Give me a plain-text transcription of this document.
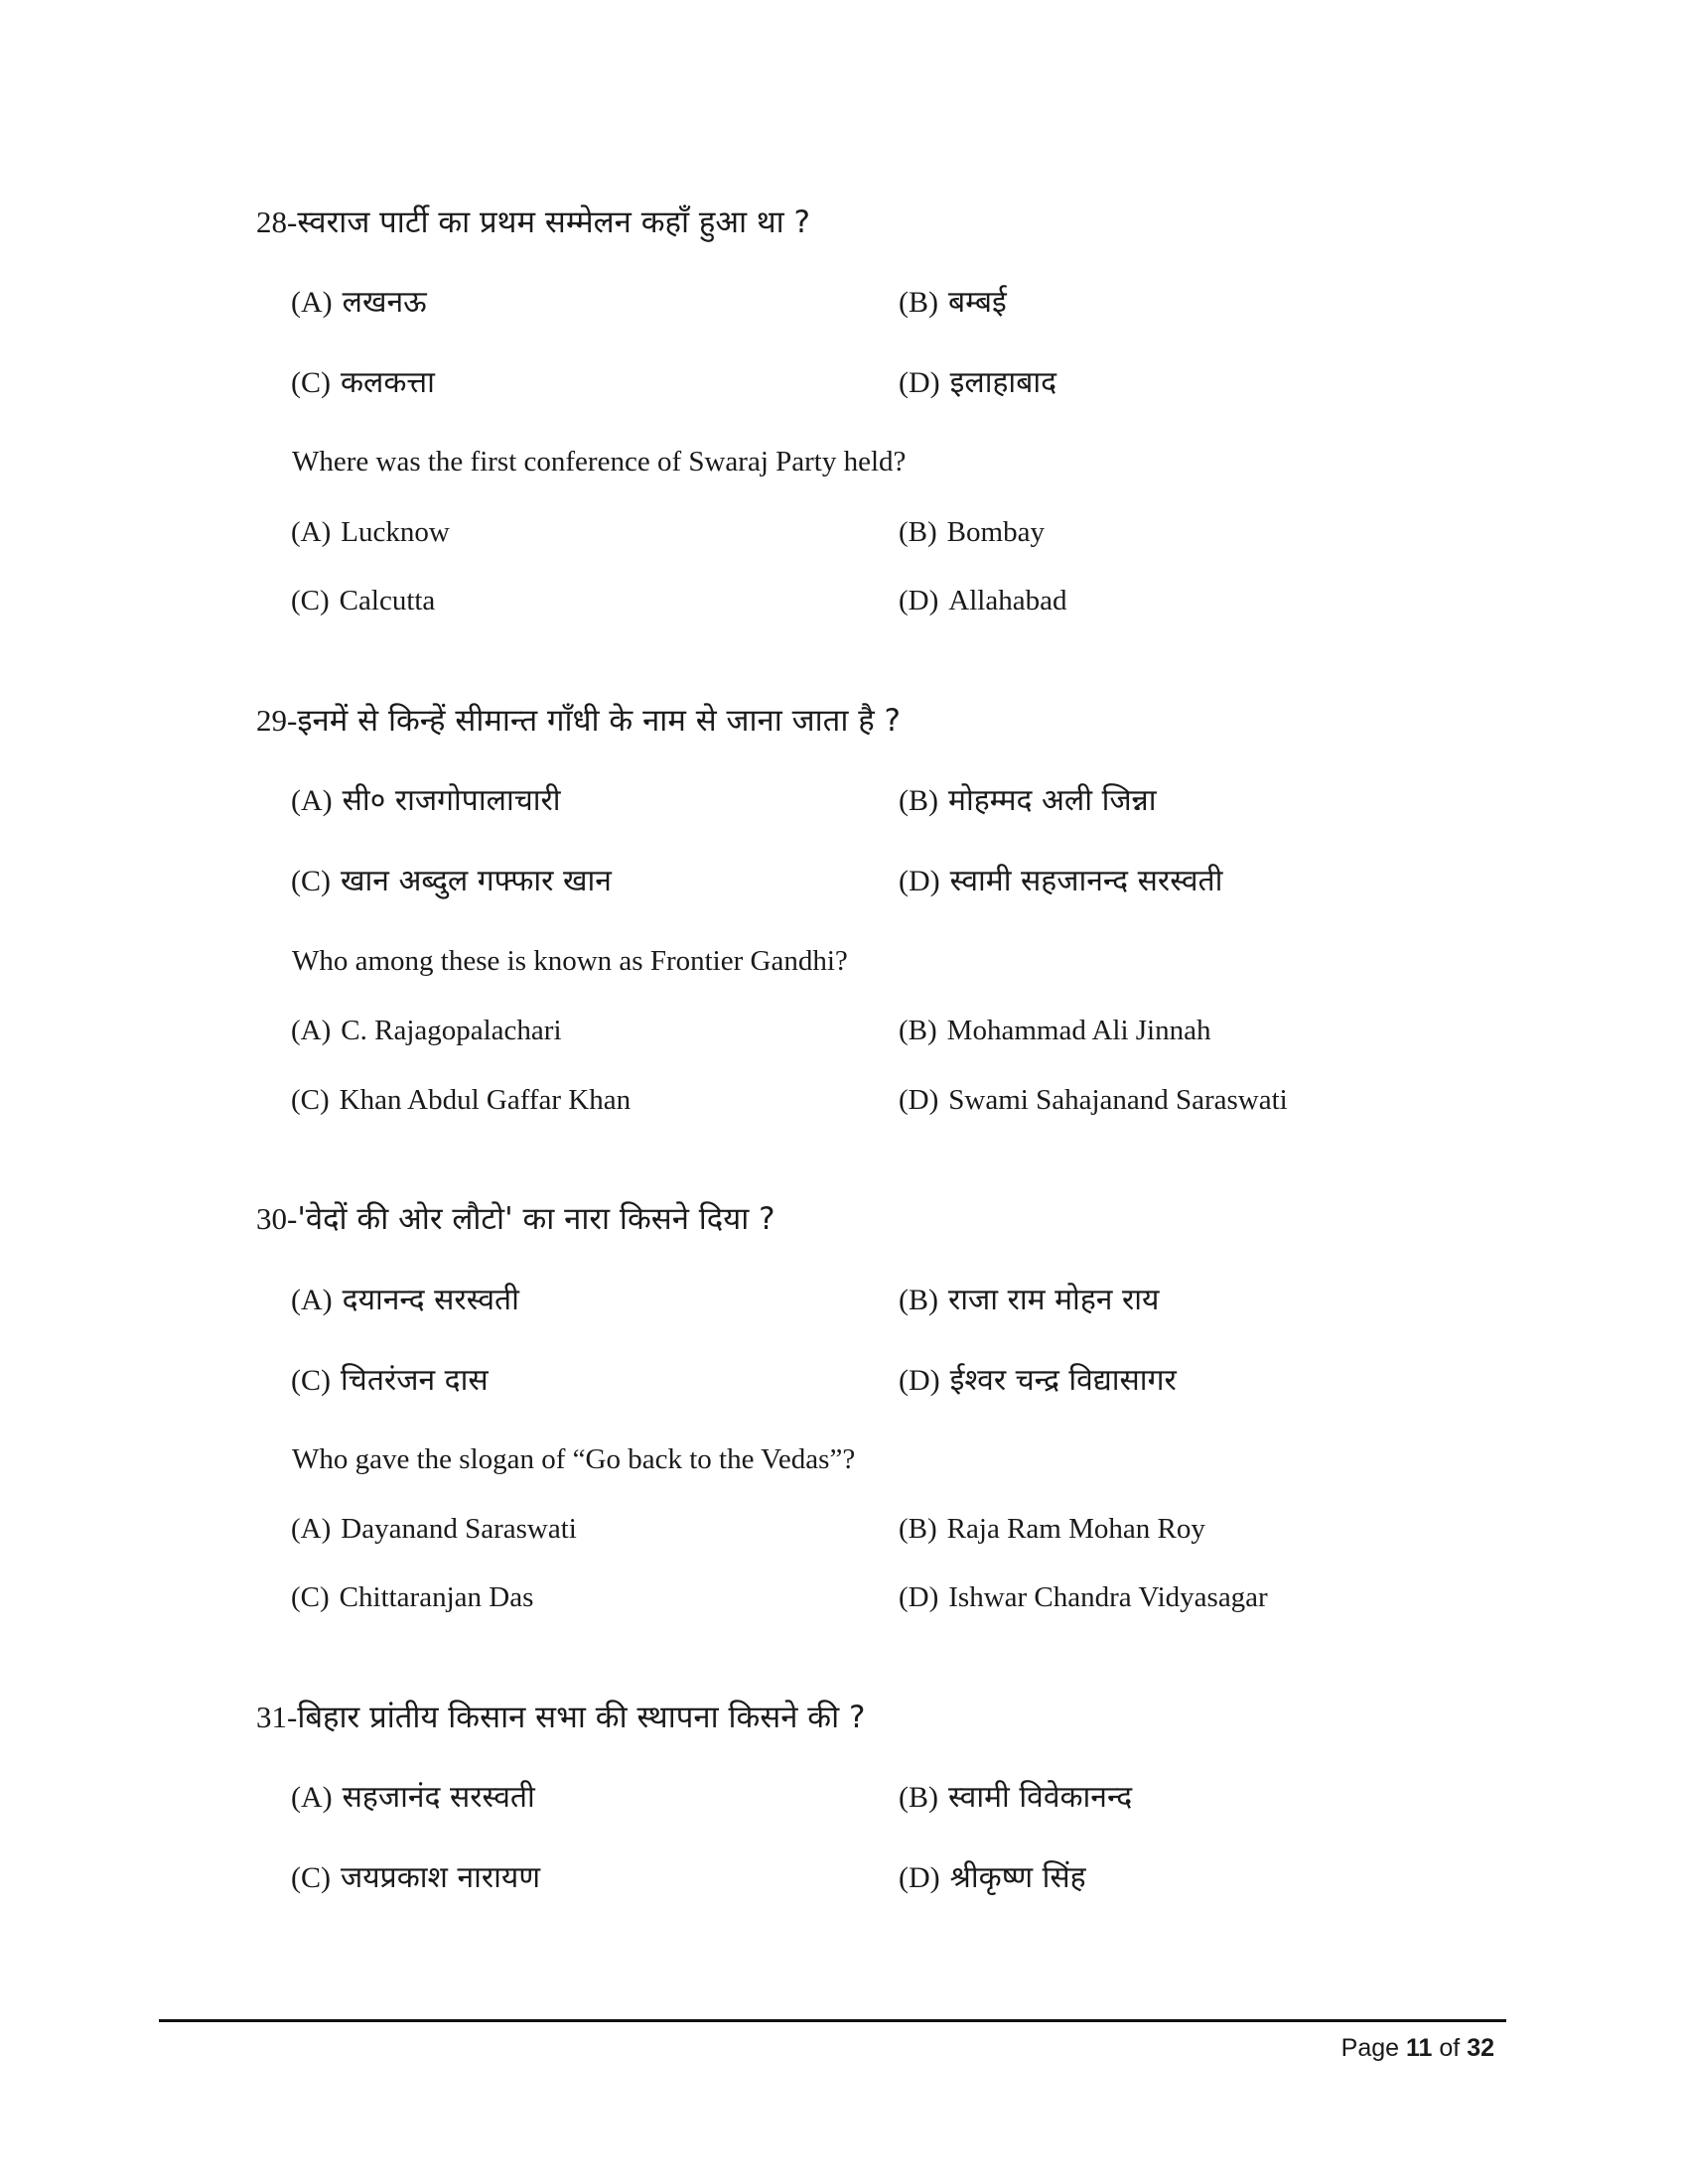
28-स्वराज पार्टी का प्रथम सम्मेलन कहाँ हुआ था ?
(A) लखनऊ	(B) बम्बई
(C) कलकत्ता	(D) इलाहाबाद
Where was the first conference of Swaraj Party held?
(A) Lucknow	(B) Bombay
(C) Calcutta	(D) Allahabad
29-इनमें से किन्हें सीमान्त गाँधी के नाम से जाना जाता है ?
(A) सी० राजगोपालाचारी	(B) मोहम्मद अली जिन्ना
(C) खान अब्दुल गफ्फार खान	(D) स्वामी सहजानन्द सरस्वती
Who among these is known as Frontier Gandhi?
(A) C. Rajagopalachari	(B) Mohammad Ali Jinnah
(C) Khan Abdul Gaffar Khan	(D) Swami Sahajanand Saraswati
30-'वेदों की ओर लौटो' का नारा किसने दिया ?
(A) दयानन्द सरस्वती	(B) राजा राम मोहन राय
(C) चितरंजन दास	(D) ईश्वर चन्द्र विद्यासागर
Who gave the slogan of “Go back to the Vedas”?
(A) Dayanand Saraswati	(B) Raja Ram Mohan Roy
(C) Chittaranjan Das	(D) Ishwar Chandra Vidyasagar
31-बिहार प्रांतीय किसान सभा की स्थापना किसने की ?
(A) सहजानंद सरस्वती	(B) स्वामी विवेकानन्द
(C) जयप्रकाश नारायण	(D) श्रीकृष्ण सिंह
Page 11 of 32
